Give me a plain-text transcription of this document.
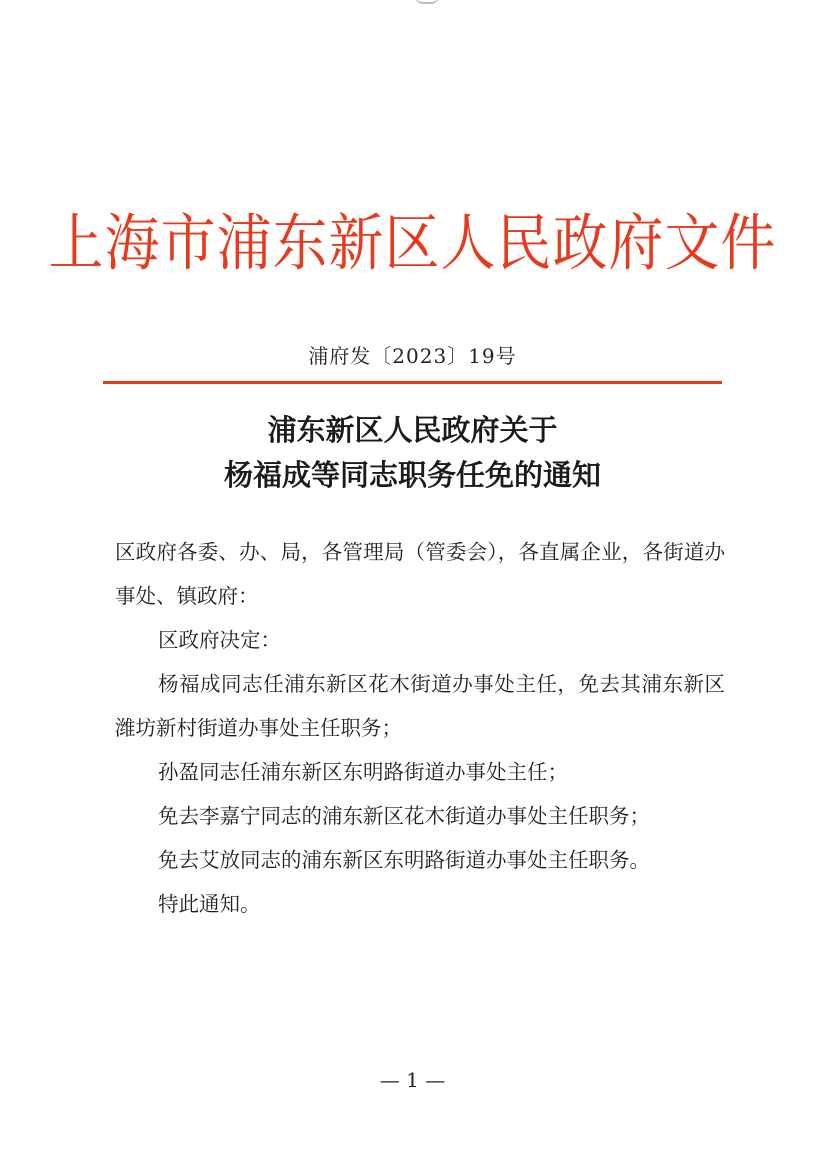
上海市浦东新区人民政府文件
浦府发〔2023〕19号
浦东新区人民政府关于
杨福成等同志职务任免的通知

区政府各委、办、局，各管理局（管委会），各直属企业，各街道办事处、镇政府：

区政府决定：

杨福成同志任浦东新区花木街道办事处主任，免去其浦东新区潍坊新村街道办事处主任职务；

孙盈同志任浦东新区东明路街道办事处主任；

免去李嘉宁同志的浦东新区花木街道办事处主任职务；

免去艾放同志的浦东新区东明路街道办事处主任职务。

特此通知。

— 1 —
